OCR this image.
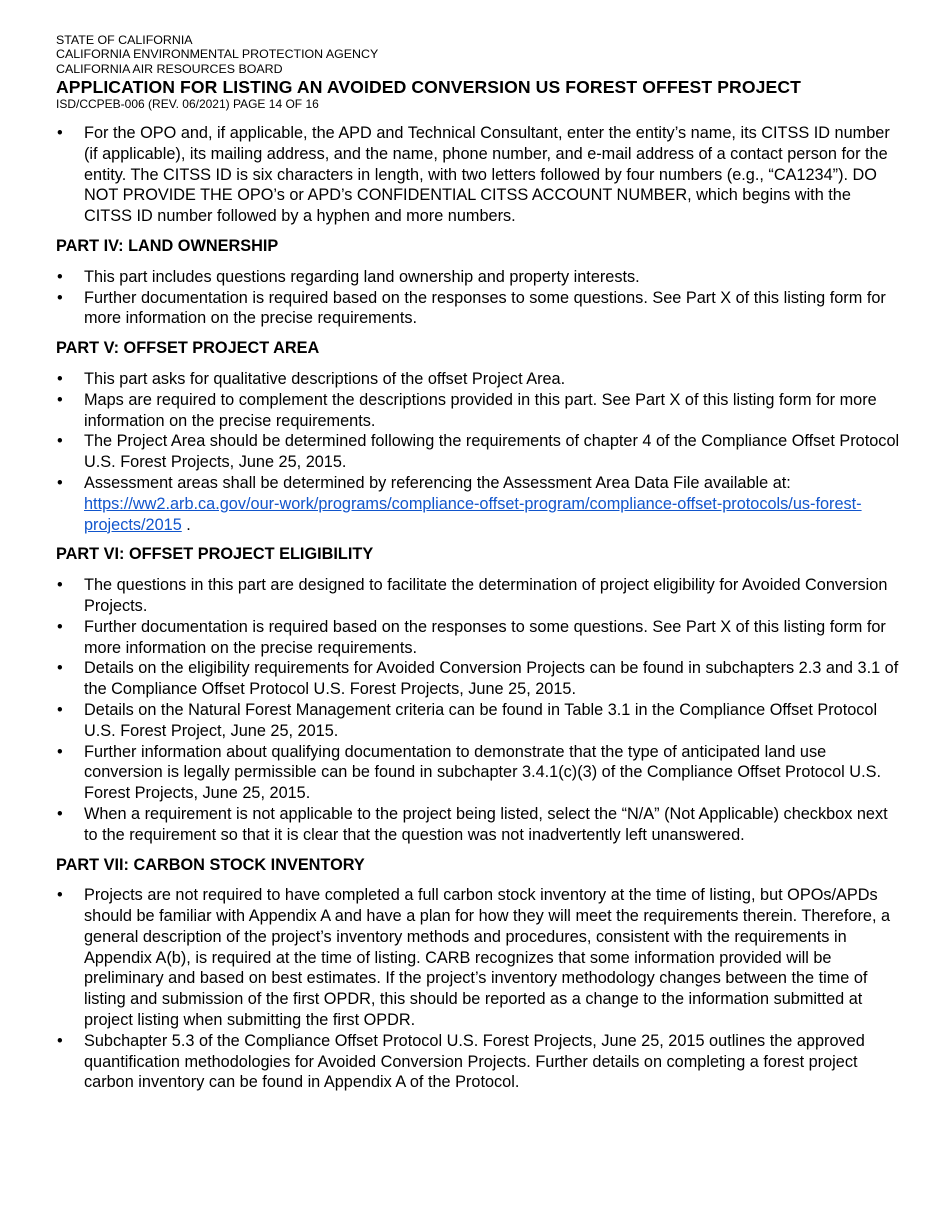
STATE OF CALIFORNIA

CALIFORNIA ENVIRONMENTAL PROTECTION AGENCY

CALIFORNIA AIR RESOURCES BOARD

APPLICATION FOR LISTING AN AVOIDED CONVERSION US FOREST OFFEST PROJECT

ISD/CCPEB-006 (REV. 06/2021) PAGE 14 OF 16

• For the OPO and, if applicable, the APD and Technical Consultant, enter the entity’s name, its CITSS ID number (if applicable), its mailing address, and the name, phone number, and e-mail address of a contact person for the entity. The CITSS ID is six characters in length, with two letters followed by four numbers (e.g., “CA1234”). DO NOT PROVIDE THE OPO’s or APD’s CONFIDENTIAL CITSS ACCOUNT NUMBER, which begins with the CITSS ID number followed by a hyphen and more numbers.
PART IV: LAND OWNERSHIP
• This part includes questions regarding land ownership and property interests.
• Further documentation is required based on the responses to some questions. See Part X of this listing form for more information on the precise requirements.
PART V: OFFSET PROJECT AREA
• This part asks for qualitative descriptions of the offset Project Area.
• Maps are required to complement the descriptions provided in this part. See Part X of this listing form for more information on the precise requirements.
• The Project Area should be determined following the requirements of chapter 4 of the Compliance Offset Protocol U.S. Forest Projects, June 25, 2015.
• Assessment areas shall be determined by referencing the Assessment Area Data File available at:
https://ww2.arb.ca.gov/our-work/programs/compliance-offset-program/compliance-offset-protocols/us-forest-projects/2015 .
PART VI: OFFSET PROJECT ELIGIBILITY
• The questions in this part are designed to facilitate the determination of project eligibility for Avoided Conversion Projects.
• Further documentation is required based on the responses to some questions. See Part X of this listing form for more information on the precise requirements.
• Details on the eligibility requirements for Avoided Conversion Projects can be found in subchapters 2.3 and 3.1 of the Compliance Offset Protocol U.S. Forest Projects, June 25, 2015.
• Details on the Natural Forest Management criteria can be found in Table 3.1 in the Compliance Offset Protocol U.S. Forest Project, June 25, 2015.
• Further information about qualifying documentation to demonstrate that the type of anticipated land use conversion is legally permissible can be found in subchapter 3.4.1(c)(3) of the Compliance Offset Protocol U.S. Forest Projects, June 25, 2015.
• When a requirement is not applicable to the project being listed, select the “N/A” (Not Applicable) checkbox next to the requirement so that it is clear that the question was not inadvertently left unanswered.
PART VII: CARBON STOCK INVENTORY
• Projects are not required to have completed a full carbon stock inventory at the time of listing, but OPOs/APDs should be familiar with Appendix A and have a plan for how they will meet the requirements therein. Therefore, a general description of the project’s inventory methods and procedures, consistent with the requirements in Appendix A(b), is required at the time of listing. CARB recognizes that some information provided will be preliminary and based on best estimates. If the project’s inventory methodology changes between the time of listing and submission of the first OPDR, this should be reported as a change to the information submitted at project listing when submitting the first OPDR.
• Subchapter 5.3 of the Compliance Offset Protocol U.S. Forest Projects, June 25, 2015 outlines the approved quantification methodologies for Avoided Conversion Projects. Further details on completing a forest project carbon inventory can be found in Appendix A of the Protocol.
